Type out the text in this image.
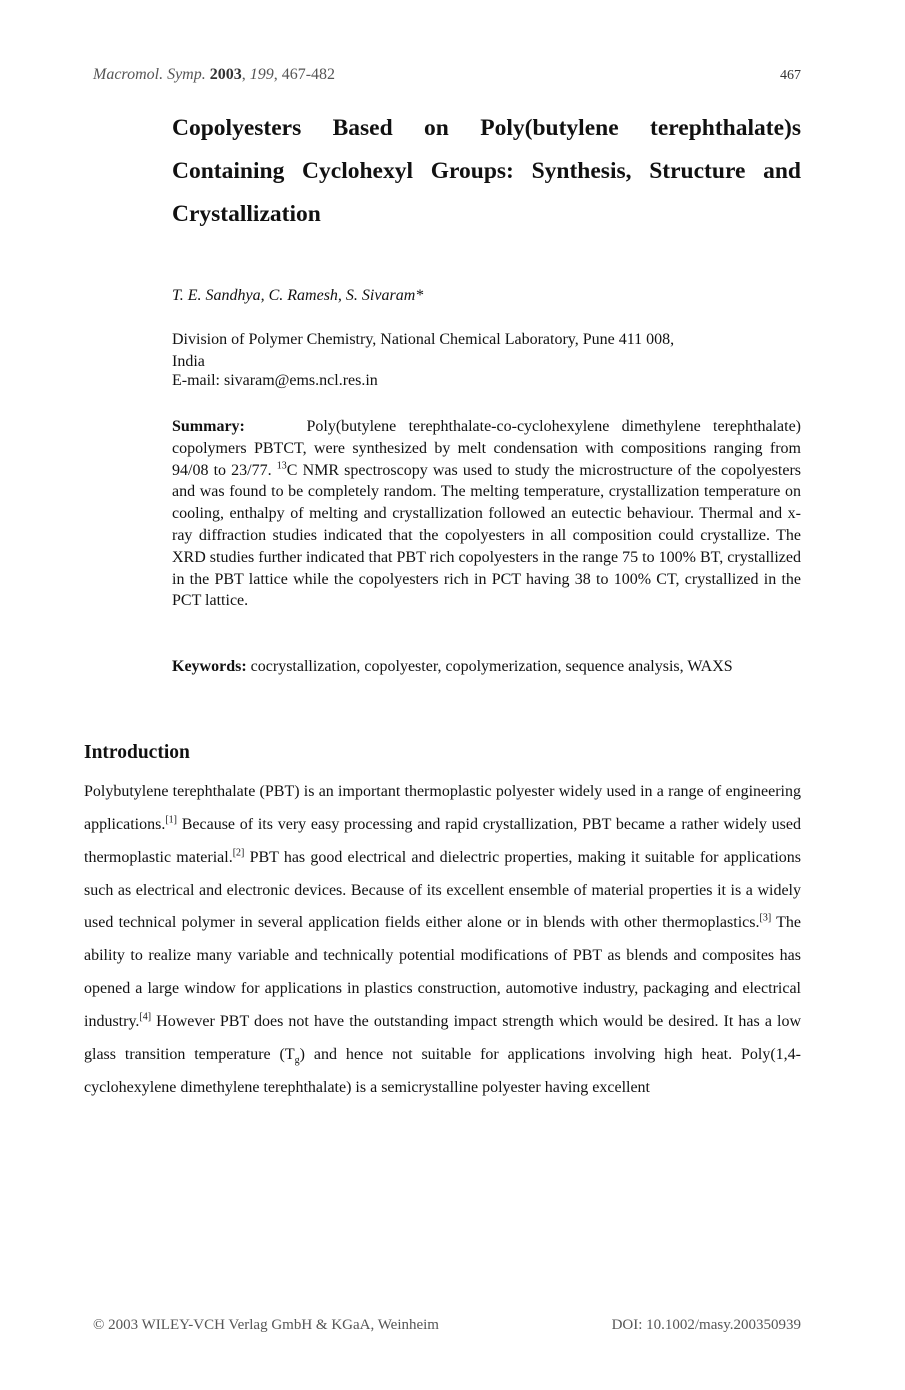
Macromol. Symp. 2003, 199, 467-482	467
Copolyesters Based on Poly(butylene terephthalate)s Containing Cyclohexyl Groups: Synthesis, Structure and Crystallization
T. E. Sandhya, C. Ramesh, S. Sivaram*
Division of Polymer Chemistry, National Chemical Laboratory, Pune 411 008,
India
E-mail: sivaram@ems.ncl.res.in

Summary:	Poly(butylene terephthalate-co-cyclohexylene dimethylene terephthalate) copolymers PBTCT, were synthesized by melt condensation with compositions ranging from 94/08 to 23/77. $^{13}$C NMR spectroscopy was used to study the microstructure of the copolyesters and was found to be completely random. The melting temperature, crystallization temperature on cooling, enthalpy of melting and crystallization followed an eutectic behaviour. Thermal and x-ray diffraction studies indicated that the copolyesters in all composition could crystallize. The XRD studies further indicated that PBT rich copolyesters in the range 75 to 100% BT, crystallized in the PBT lattice while the copolyesters rich in PCT having 38 to 100% CT, crystallized in the PCT lattice.

Keywords: cocrystallization, copolyester, copolymerization, sequence analysis, WAXS

Introduction

Polybutylene terephthalate (PBT) is an important thermoplastic polyester widely used in a range of engineering applications.[1] Because of its very easy processing and rapid crystallization, PBT became a rather widely used thermoplastic material.[2] PBT has good electrical and dielectric properties, making it suitable for applications such as electrical and electronic devices. Because of its excellent ensemble of material properties it is a widely used technical polymer in several application fields either alone or in blends with other thermoplastics.[3] The ability to realize many variable and technically potential modifications of PBT as blends and composites has opened a large window for applications in plastics construction, automotive industry, packaging and electrical industry.[4] However PBT does not have the outstanding impact strength which would be desired. It has a low glass transition temperature $(T_g)$ and hence not suitable for applications involving high heat. Poly(1,4-cyclohexylene dimethylene terephthalate) is a semicrystalline polyester having excellent

© 2003 WILEY-VCH Verlag GmbH & KGaA, Weinheim	DOI: 10.1002/masy.200350939
